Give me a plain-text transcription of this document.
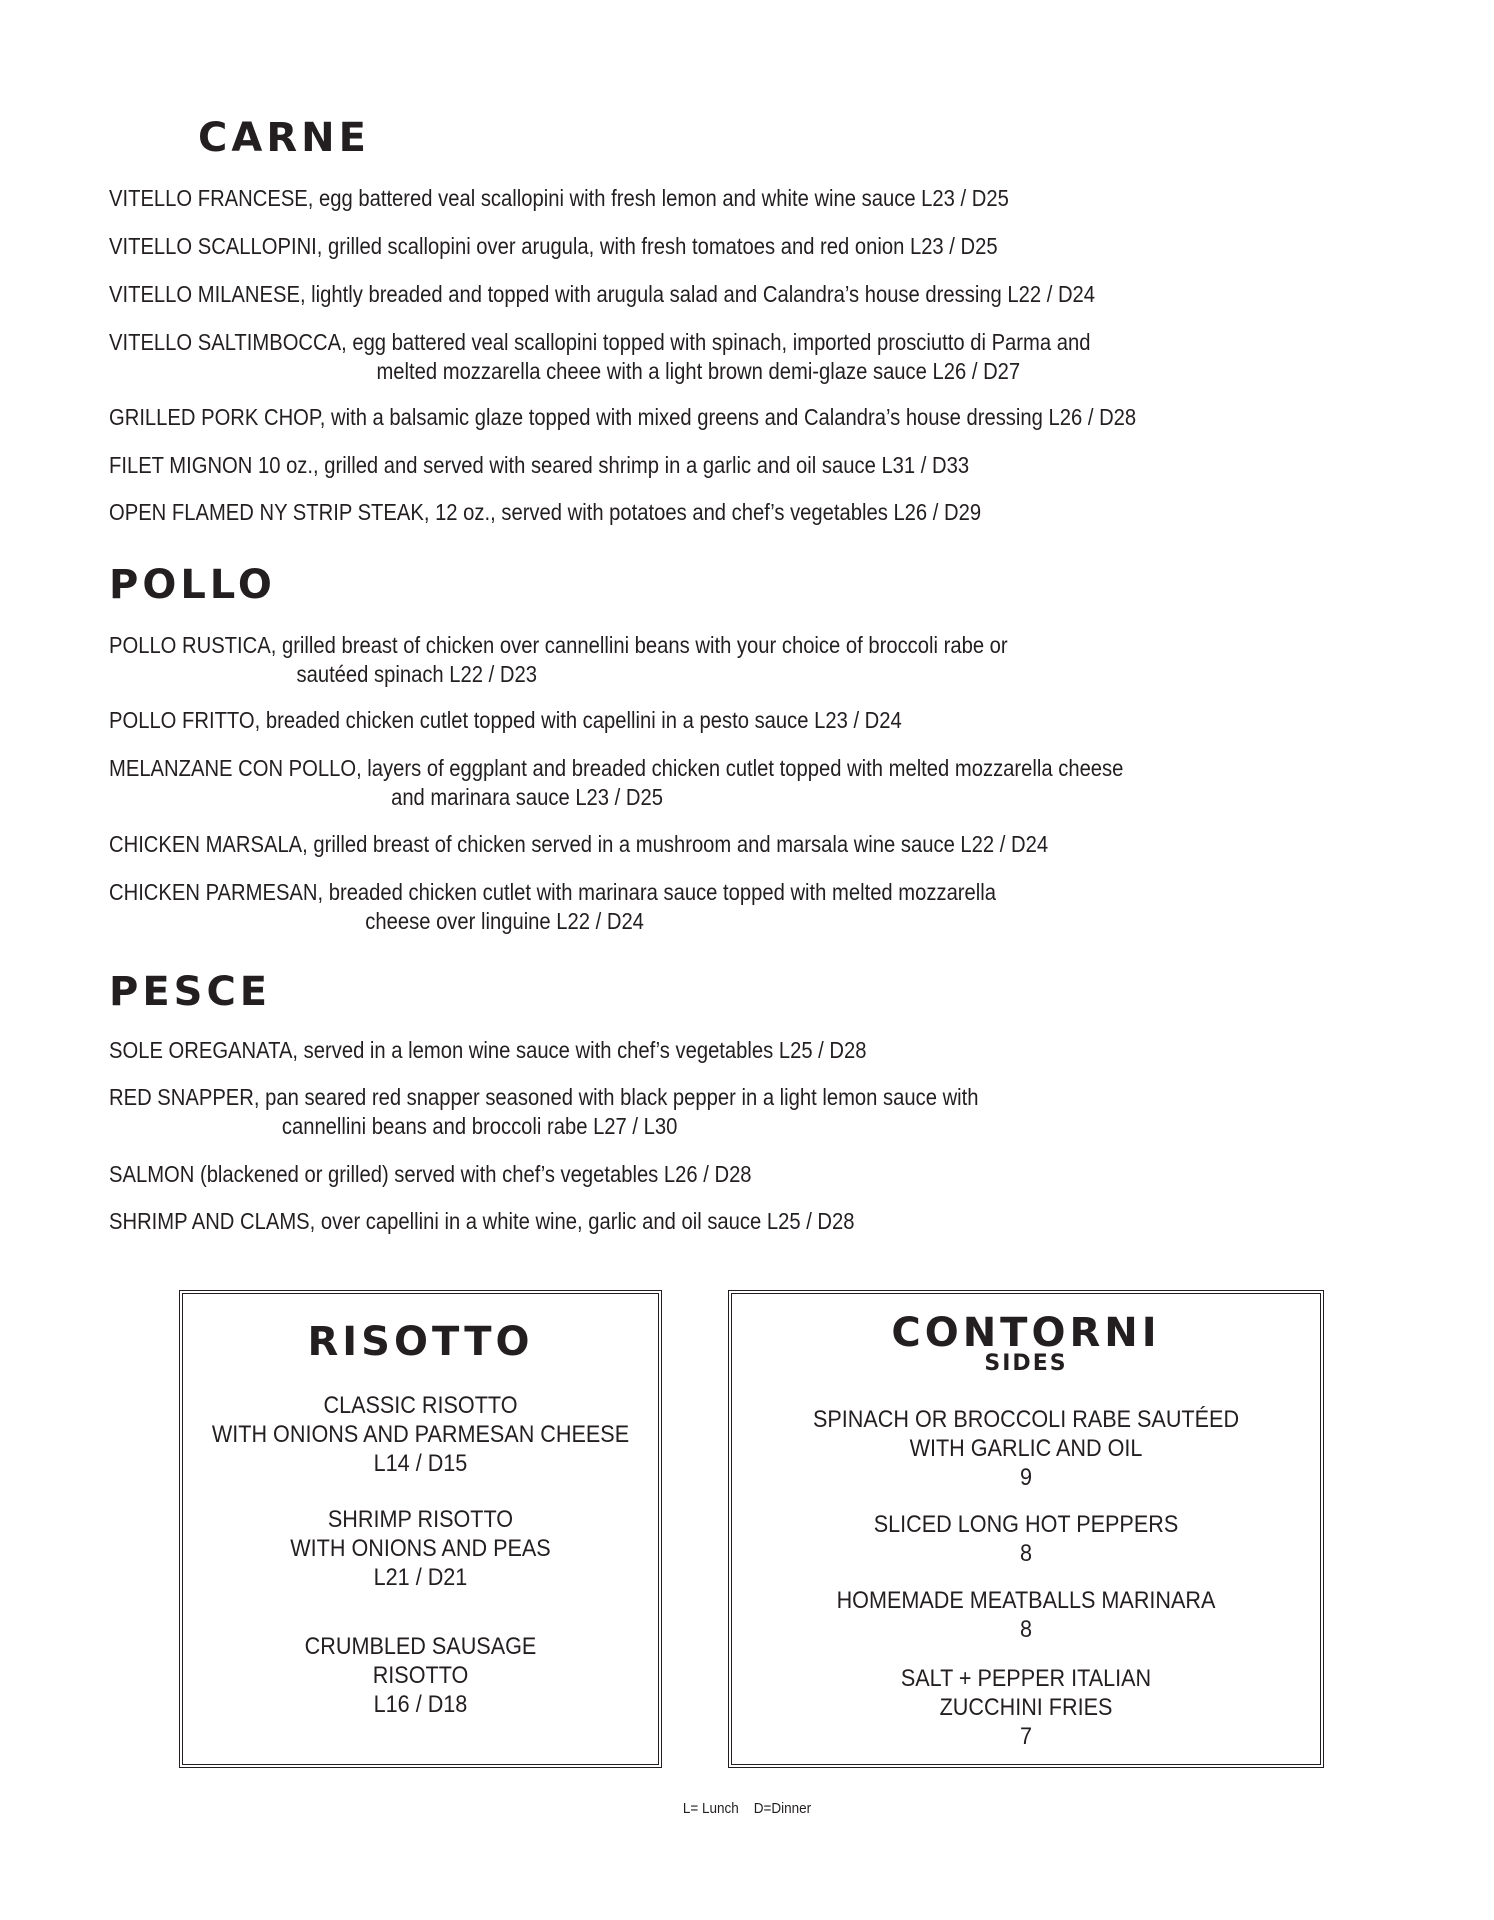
CARNE

VITELLO FRANCESE, egg battered veal scallopini with fresh lemon and white wine sauce L23 / D25

VITELLO SCALLOPINI, grilled scallopini over arugula, with fresh tomatoes and red onion L23 / D25

VITELLO MILANESE, lightly breaded and topped with arugula salad and Calandra’s house dressing L22 / D24

VITELLO SALTIMBOCCA, egg battered veal scallopini topped with spinach, imported prosciutto di Parma and
melted mozzarella cheee with a light brown demi-glaze sauce L26 / D27

GRILLED PORK CHOP, with a balsamic glaze topped with mixed greens and Calandra’s house dressing L26 / D28

FILET MIGNON 10 oz., grilled and served with seared shrimp in a garlic and oil sauce L31 / D33

OPEN FLAMED NY STRIP STEAK, 12 oz., served with potatoes and chef’s vegetables L26 / D29

POLLO

POLLO RUSTICA, grilled breast of chicken over cannellini beans with your choice of broccoli rabe or
sautéed spinach L22 / D23

POLLO FRITTO, breaded chicken cutlet topped with capellini in a pesto sauce L23 / D24

MELANZANE CON POLLO, layers of eggplant and breaded chicken cutlet topped with melted mozzarella cheese
and marinara sauce L23 / D25

CHICKEN MARSALA, grilled breast of chicken served in a mushroom and marsala wine sauce L22 / D24

CHICKEN PARMESAN, breaded chicken cutlet with marinara sauce topped with melted mozzarella
cheese over linguine L22 / D24

PESCE

SOLE OREGANATA, served in a lemon wine sauce with chef’s vegetables L25 / D28

RED SNAPPER, pan seared red snapper seasoned with black pepper in a light lemon sauce with
cannellini beans and broccoli rabe L27 / L30

SALMON (blackened or grilled) served with chef’s vegetables L26 / D28

SHRIMP AND CLAMS, over capellini in a white wine, garlic and oil sauce L25 / D28

RISOTTO
CLASSIC RISOTTO
WITH ONIONS AND PARMESAN CHEESE
L14 / D15
SHRIMP RISOTTO
WITH ONIONS AND PEAS
L21 / D21
CRUMBLED SAUSAGE
RISOTTO
L16 / D18
CONTORNI
SIDES
SPINACH OR BROCCOLI RABE SAUTÉED
WITH GARLIC AND OIL
9
SLICED LONG HOT PEPPERS
8
HOMEMADE MEATBALLS MARINARA
8
SALT + PEPPER ITALIAN
ZUCCHINI FRIES
7
L= Lunch    D=Dinner
